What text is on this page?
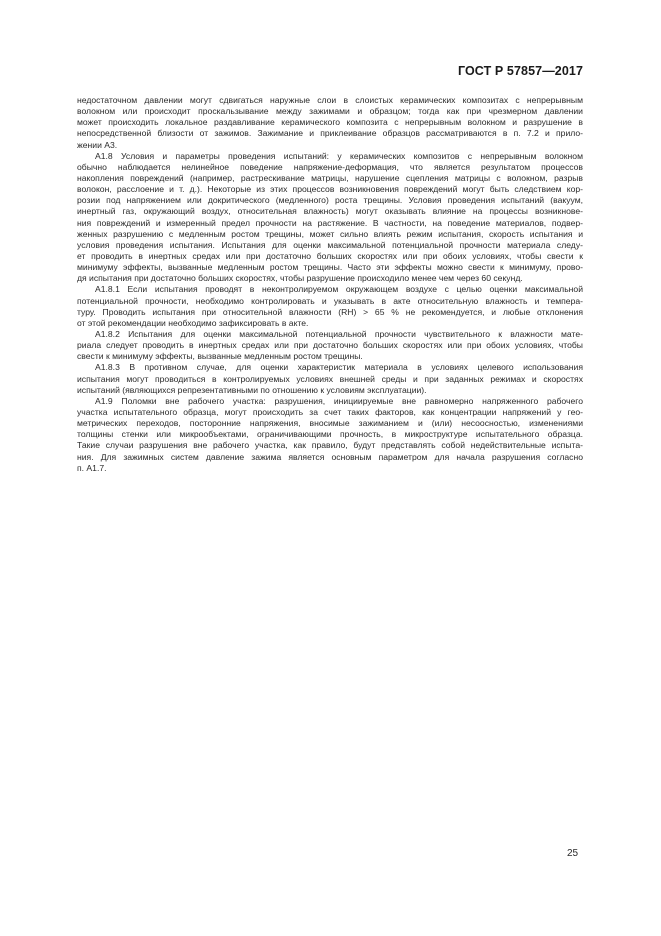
ГОСТ Р 57857—2017
недостаточном давлении могут сдвигаться наружные слои в слоистых керамических композитах с непрерывным
волокном или происходит проскальзывание между зажимами и образцом; тогда как при чрезмерном давлении
может происходить локальное раздавливание керамического композита с непрерывным волокном и разрушение в
непосредственной близости от зажимов. Зажимание и приклеивание образцов рассматриваются в п. 7.2 и прило-
жении А3.
А1.8 Условия и параметры проведения испытаний: у керамических композитов с непрерывным волокном
обычно наблюдается нелинейное поведение напряжение-деформация, что является результатом процессов
накопления повреждений (например, растрескивание матрицы, нарушение сцепления матрицы с волокном, разрыв
волокон, расслоение и т. д.). Некоторые из этих процессов возникновения повреждений могут быть следствием кор-
розии под напряжением или докритического (медленного) роста трещины. Условия проведения испытаний (вакуум,
инертный газ, окружающий воздух, относительная влажность) могут оказывать влияние на процессы возникнове-
ния повреждений и измеренный предел прочности на растяжение. В частности, на поведение материалов, подвер-
женных разрушению с медленным ростом трещины, может сильно влиять режим испытания, скорость испытания и
условия проведения испытания. Испытания для оценки максимальной потенциальной прочности материала следу-
ет проводить в инертных средах или при достаточно больших скоростях или при обоих условиях, чтобы свести к
минимуму эффекты, вызванные медленным ростом трещины. Часто эти эффекты можно свести к минимуму, прово-
дя испытания при достаточно больших скоростях, чтобы разрушение происходило менее чем через 60 секунд.
А1.8.1 Если испытания проводят в неконтролируемом окружающем воздухе с целью оценки максимальной
потенциальной прочности, необходимо контролировать и указывать в акте относительную влажность и темпера-
туру. Проводить испытания при относительной влажности (RH) > 65 % не рекомендуется, и любые отклонения
от этой рекомендации необходимо зафиксировать в акте.
А1.8.2 Испытания для оценки максимальной потенциальной прочности чувствительного к влажности мате-
риала следует проводить в инертных средах или при достаточно больших скоростях или при обоих условиях, чтобы
свести к минимуму эффекты, вызванные медленным ростом трещины.
А1.8.3 В противном случае, для оценки характеристик материала в условиях целевого использования
испытания могут проводиться в контролируемых условиях внешней среды и при заданных режимах и скоростях
испытаний (являющихся репрезентативными по отношению к условиям эксплуатации).
А1.9 Поломки вне рабочего участка: разрушения, инициируемые вне равномерно напряженного рабочего
участка испытательного образца, могут происходить за счет таких факторов, как концентрации напряжений у гео-
метрических переходов, посторонние напряжения, вносимые зажиманием и (или) несоосностью, изменениями
толщины стенки или микрообъектами, ограничивающими прочность, в микроструктуре испытательного образца.
Такие случаи разрушения вне рабочего участка, как правило, будут представлять собой недействительные испыта-
ния. Для зажимных систем давление зажима является основным параметром для начала разрушения согласно
п. А1.7.
25
